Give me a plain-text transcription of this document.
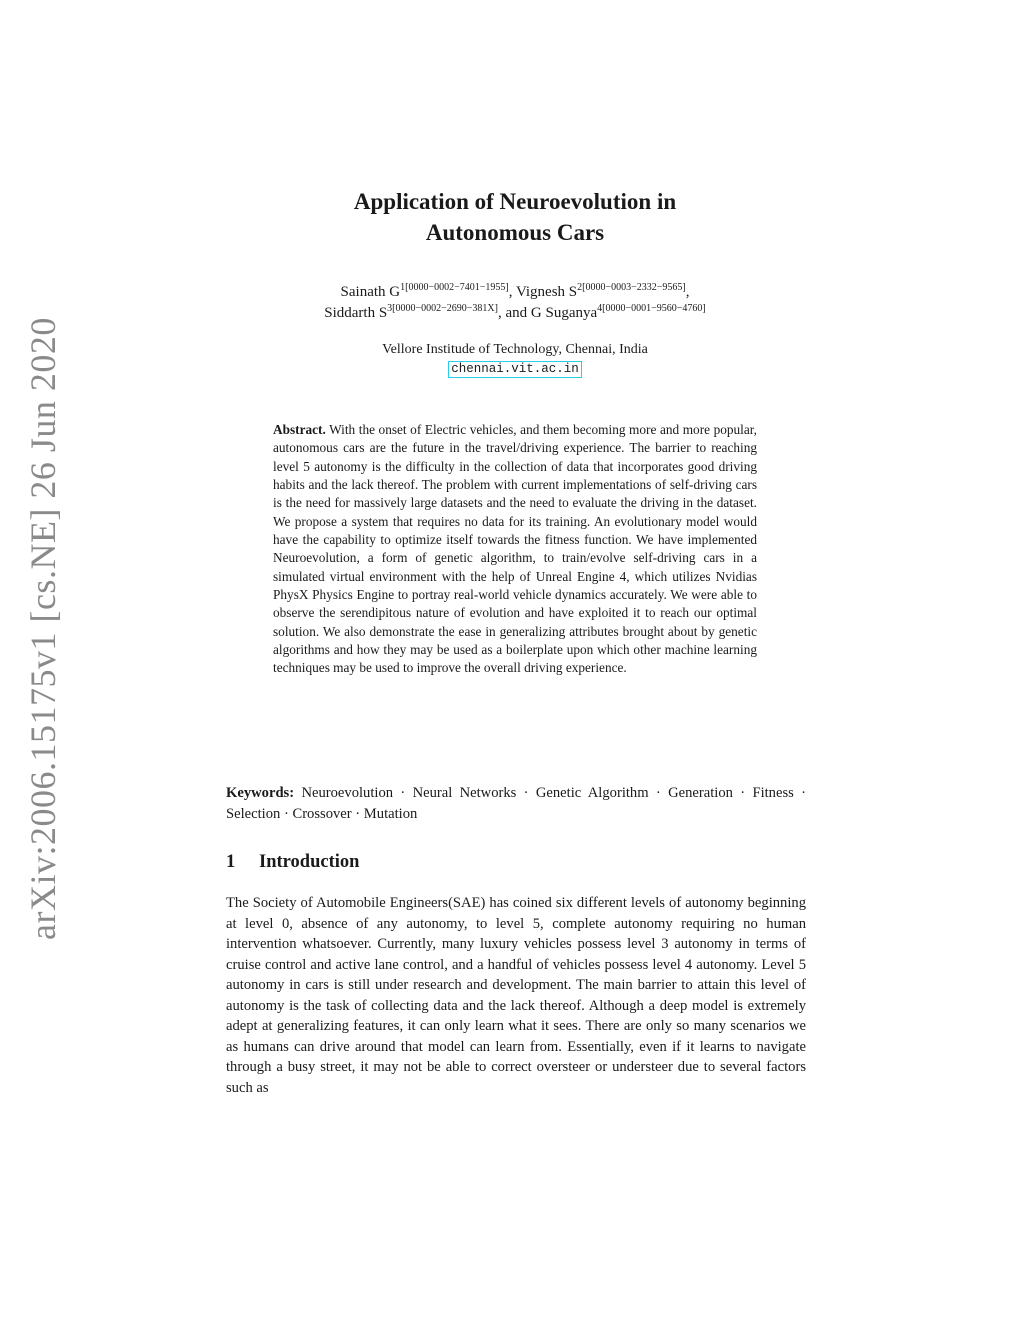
arXiv:2006.15175v1 [cs.NE] 26 Jun 2020
Application of Neuroevolution in
Autonomous Cars
Sainath $G^{1[0000-0002-7401-1955]}$, Vignesh $S^{2[0000-0003-2332-9565]}$,
Siddarth $S^{3[0000-0002-2690-381X]}$, and G Suganya$^{4[0000-0001-9560-4760]}$
Vellore Institude of Technology, Chennai, India
chennai.vit.ac.in
Abstract. With the onset of Electric vehicles, and them becoming more and more popular, autonomous cars are the future in the travel/driving experience. The barrier to reaching level 5 autonomy is the difficulty in the collection of data that incorporates good driving habits and the lack thereof. The problem with current implementations of self-driving cars is the need for massively large datasets and the need to evaluate the driving in the dataset. We propose a system that requires no data for its training. An evolutionary model would have the capability to optimize itself towards the fitness function. We have implemented Neuroevolution, a form of genetic algorithm, to train/evolve self-driving cars in a simulated virtual environment with the help of Unreal Engine 4, which utilizes Nvidias PhysX Physics Engine to portray real-world vehicle dynamics accurately. We were able to observe the serendipitous nature of evolution and have exploited it to reach our optimal solution. We also demonstrate the ease in generalizing attributes brought about by genetic algorithms and how they may be used as a boilerplate upon which other machine learning techniques may be used to improve the overall driving experience.
Keywords: Neuroevolution · Neural Networks · Genetic Algorithm · Generation · Fitness · Selection · Crossover · Mutation
1 Introduction
The Society of Automobile Engineers(SAE) has coined six different levels of autonomy beginning at level 0, absence of any autonomy, to level 5, complete autonomy requiring no human intervention whatsoever. Currently, many luxury vehicles possess level 3 autonomy in terms of cruise control and active lane control, and a handful of vehicles possess level 4 autonomy. Level 5 autonomy in cars is still under research and development. The main barrier to attain this level of autonomy is the task of collecting data and the lack thereof. Although a deep model is extremely adept at generalizing features, it can only learn what it sees. There are only so many scenarios we as humans can drive around that model can learn from. Essentially, even if it learns to navigate through a busy street, it may not be able to correct oversteer or understeer due to several factors such as
